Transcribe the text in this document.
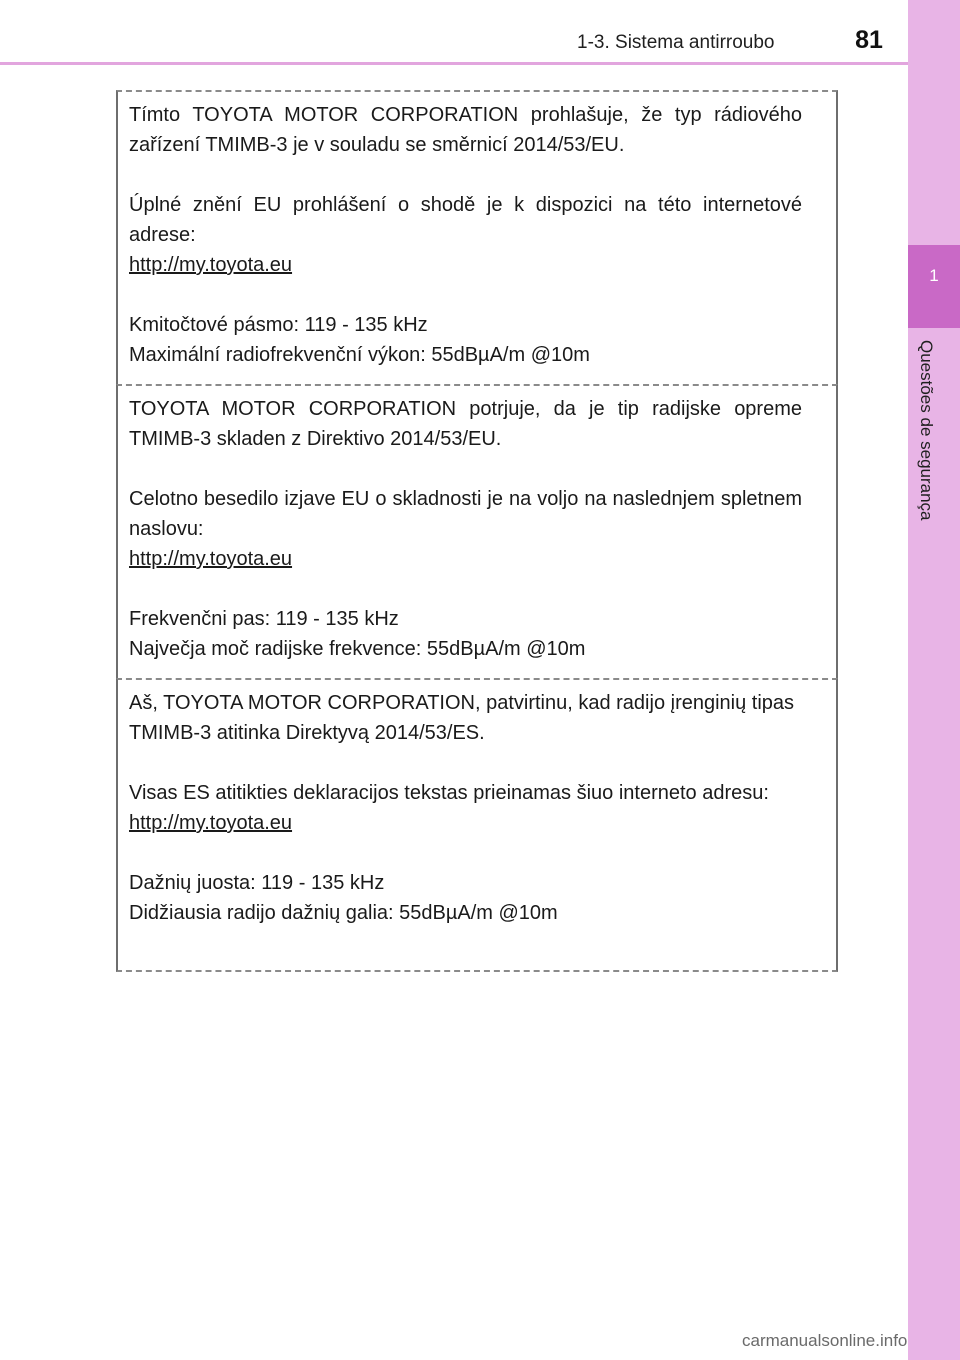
1-3. Sistema antirroubo	81
1
Questões de segurança

Tímto TOYOTA MOTOR CORPORATION prohlašuje, že typ rádiového zařízení TMIMB-3 je v souladu se směrnicí 2014/53/EU.

Úplné znění EU prohlášení o shodě je k dispozici na této internetové adrese:

http://my.toyota.eu

Kmitočtové pásmo: 119 - 135 kHz

Maximální radiofrekvenční výkon: 55dBµA/m @10m

TOYOTA MOTOR CORPORATION potrjuje, da je tip radijske opreme TMIMB-3 skladen z Direktivo 2014/53/EU.

Celotno besedilo izjave EU o skladnosti je na voljo na naslednjem spletnem naslovu:

http://my.toyota.eu

Frekvenčni pas: 119 - 135 kHz

Največja moč radijske frekvence: 55dBµA/m @10m

Aš, TOYOTA MOTOR CORPORATION, patvirtinu, kad radijo įrenginių tipas TMIMB-3 atitinka Direktyvą 2014/53/ES.

Visas ES atitikties deklaracijos tekstas prieinamas šiuo interneto adresu:

http://my.toyota.eu

Dažnių juosta: 119 - 135 kHz

Didžiausia radijo dažnių galia: 55dBµA/m @10m

carmanualsonline.info
